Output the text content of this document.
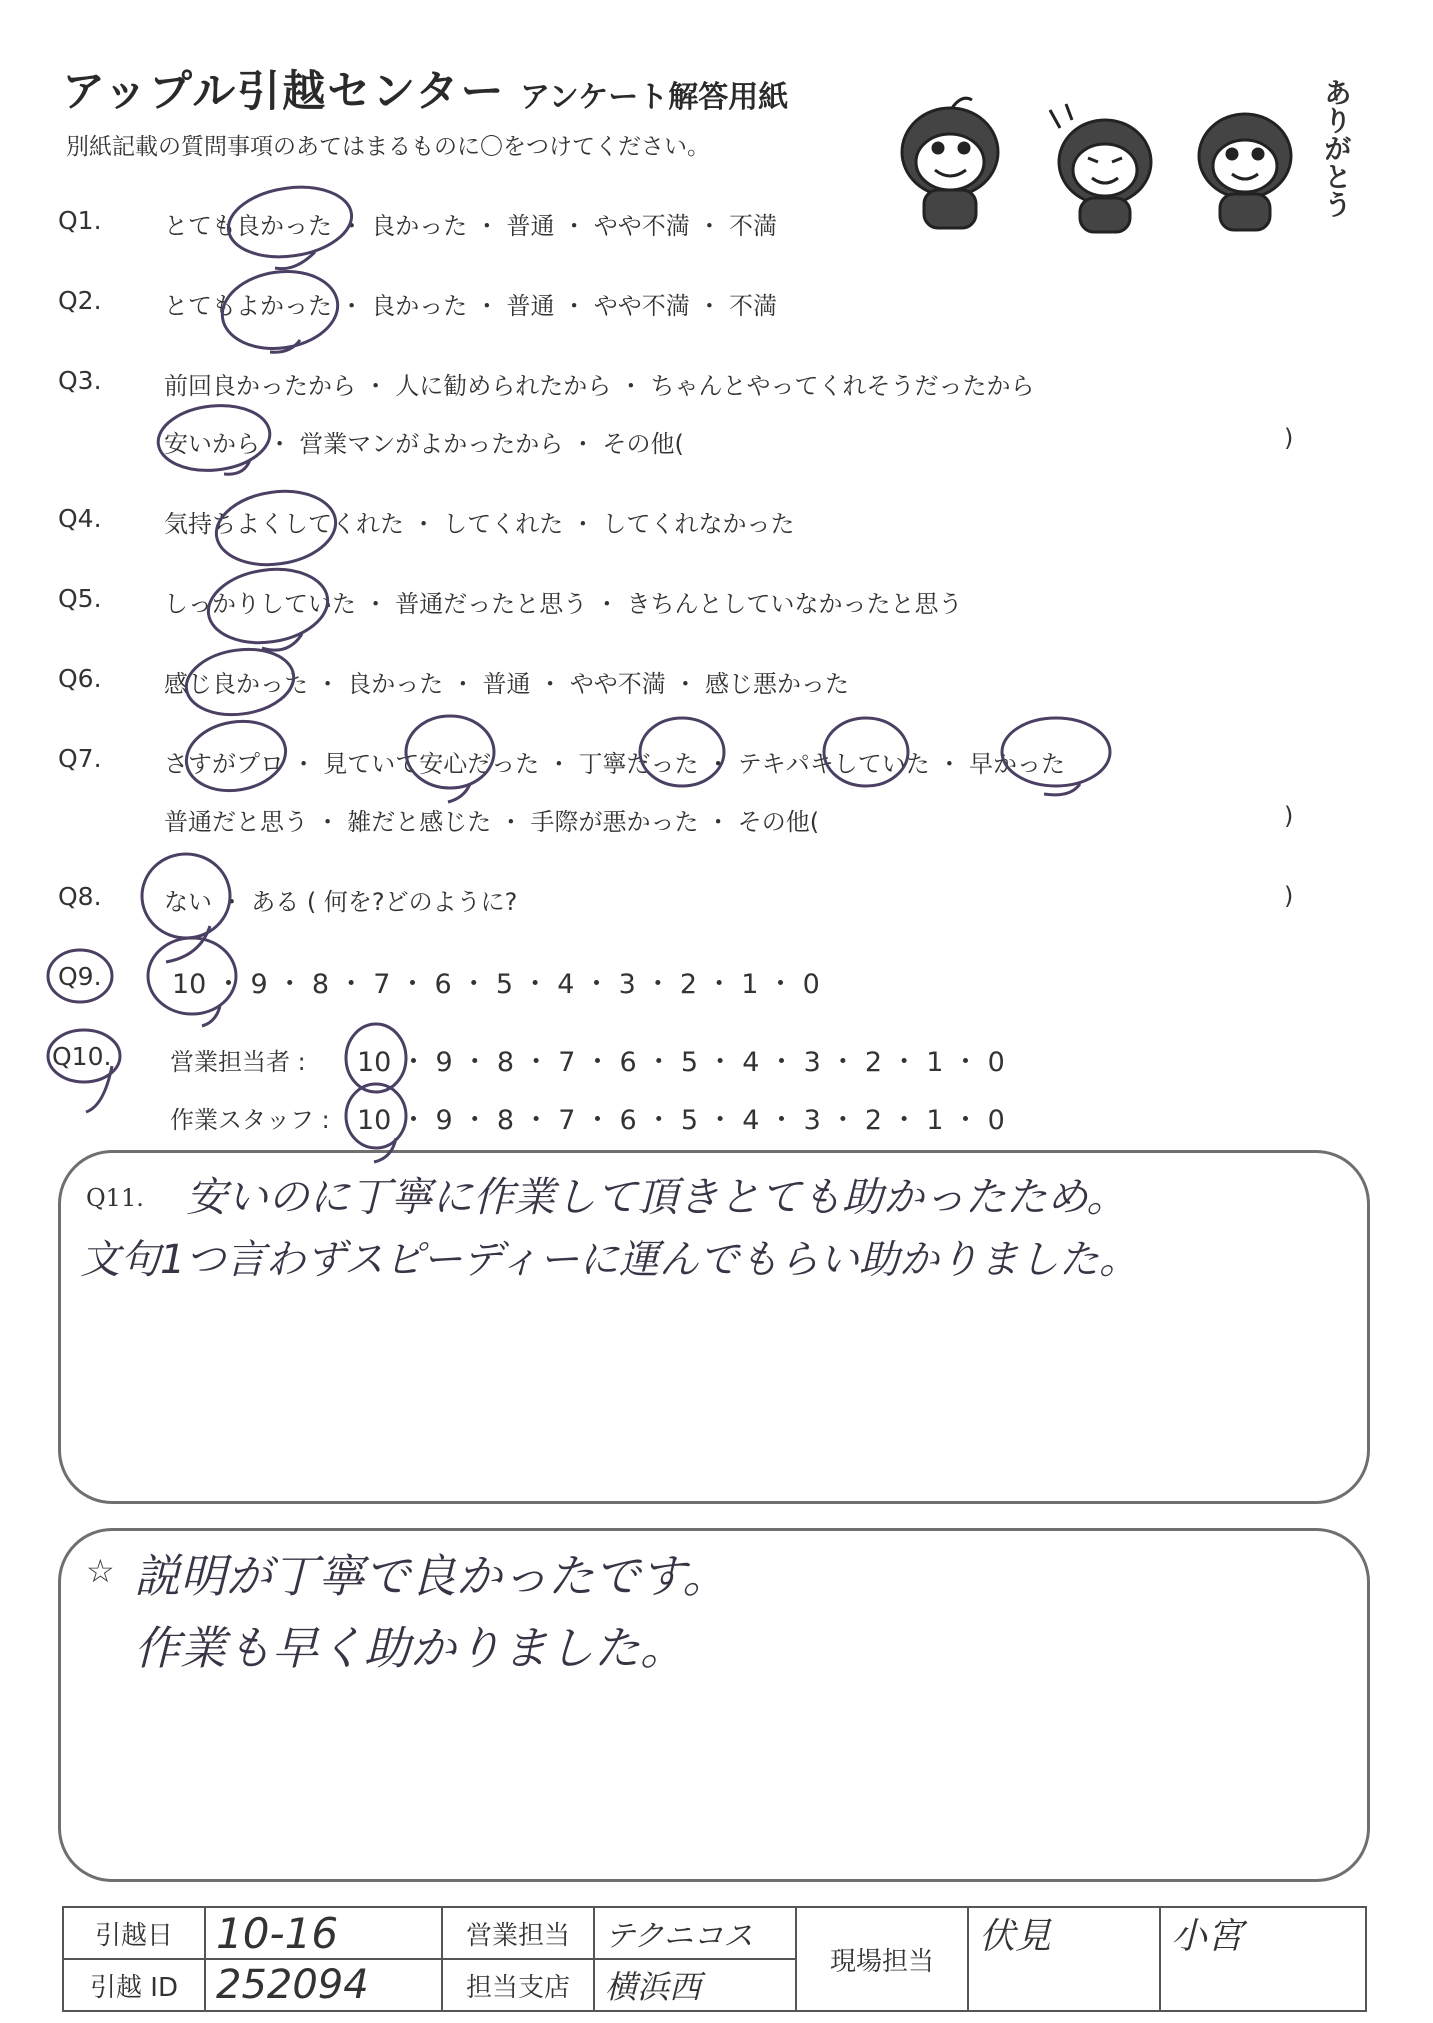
アップル引越センター アンケート解答用紙
別紙記載の質問事項のあてはまるものに〇をつけてください。	ありがとう
Q1.	とても良かった ・ 良かった ・ 普通 ・ やや不満 ・ 不満
Q2.	とてもよかった ・ 良かった ・ 普通 ・ やや不満 ・ 不満
Q3.	前回良かったから ・ 人に勧められたから ・ ちゃんとやってくれそうだったから
安いから ・ 営業マンがよかったから ・ その他(	)
Q4.	気持ちよくしてくれた ・ してくれた ・ してくれなかった
Q5.	しっかりしていた ・ 普通だったと思う ・ きちんとしていなかったと思う
Q6.	感じ良かった ・ 良かった ・ 普通 ・ やや不満 ・ 感じ悪かった
Q7.	さすがプロ ・ 見ていて安心だった ・ 丁寧だった ・ テキパキしていた ・ 早かった
普通だと思う ・ 雑だと感じた ・ 手際が悪かった ・ その他(	)
Q8.	ない ・ ある ( 何を?どのように?	)
Q9.	10 ・ 9 ・ 8 ・ 7 ・ 6 ・ 5 ・ 4 ・ 3 ・ 2 ・ 1 ・ 0
Q10. 営業担当者 : 10 ・ 9 ・ 8 ・ 7 ・ 6 ・ 5 ・ 4 ・ 3 ・ 2 ・ 1 ・ 0
作業スタッフ : 10 ・ 9 ・ 8 ・ 7 ・ 6 ・ 5 ・ 4 ・ 3 ・ 2 ・ 1 ・ 0
Q11. 安いのに丁寧に作業して頂きとても助かったため。
文句1つ言わずスピーディーに運んでもらい助かりました。
☆ 説明が丁寧で良かったです。
作業も早く助かりました。
引越日	10-16	営業担当	テクニコス	現場担当	伏見	小宮
引越 ID	252094	担当支店	横浜西			
